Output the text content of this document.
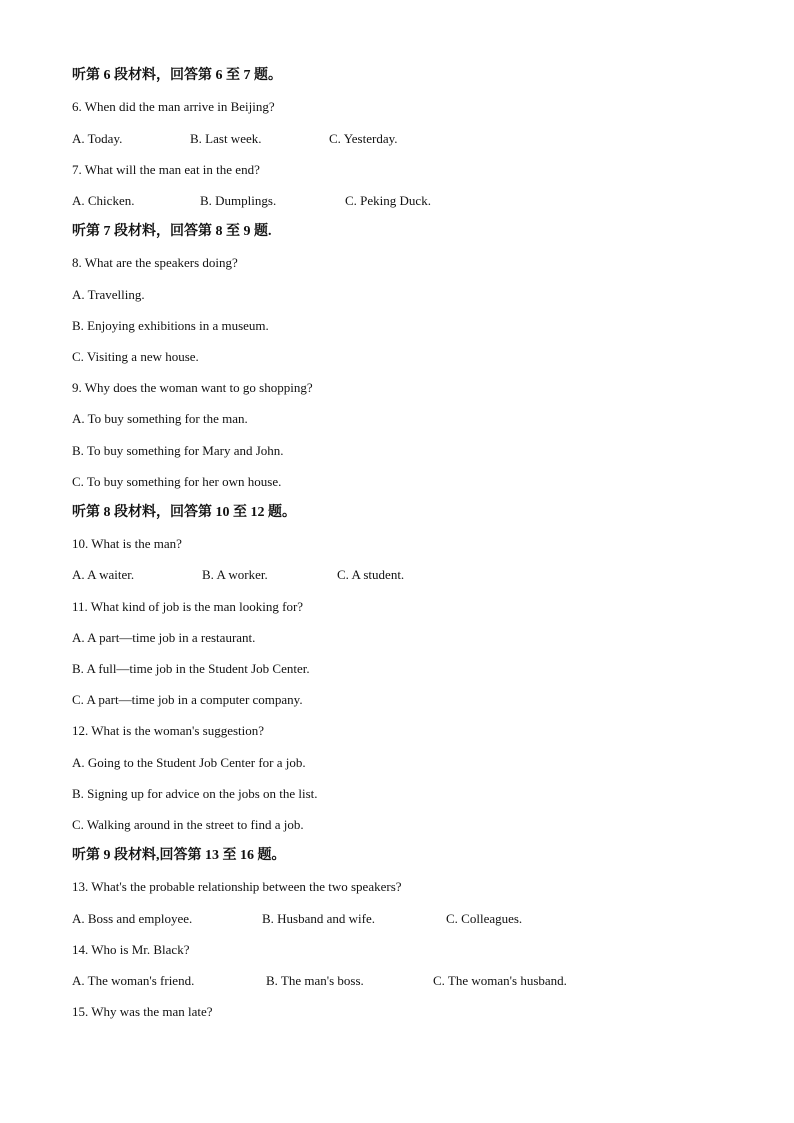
听第 6 段材料，回答第 6 至 7 题。
6. When did the man arrive in Beijing?
A. Today.	B. Last week.	C. Yesterday.
7. What will the man eat in the end?
A. Chicken.	B. Dumplings.	C. Peking Duck.
听第 7 段材料，回答第 8 至 9 题.
8. What are the speakers doing?
A. Travelling.
B. Enjoying exhibitions in a museum.
C. Visiting a new house.
9. Why does the woman want to go shopping?
A. To buy something for the man.
B. To buy something for Mary and John.
C. To buy something for her own house.
听第 8 段材料，回答第 10 至 12 题。
10. What is the man?
A. A waiter.	B. A worker.	C. A student.
11. What kind of job is the man looking for?
A. A part—time job in a restaurant.
B. A full—time job in the Student Job Center.
C. A part—time job in a computer company.
12. What is the woman's suggestion?
A. Going to the Student Job Center for a job.
B. Signing up for advice on the jobs on the list.
C. Walking around in the street to find a job.
听第 9 段材料,回答第 13 至 16 题。
13. What's the probable relationship between the two speakers?
A. Boss and employee.	B. Husband and wife.	C. Colleagues.
14. Who is Mr. Black?
A. The woman's friend.	B. The man's boss.	C. The woman's husband.
15. Why was the man late?
